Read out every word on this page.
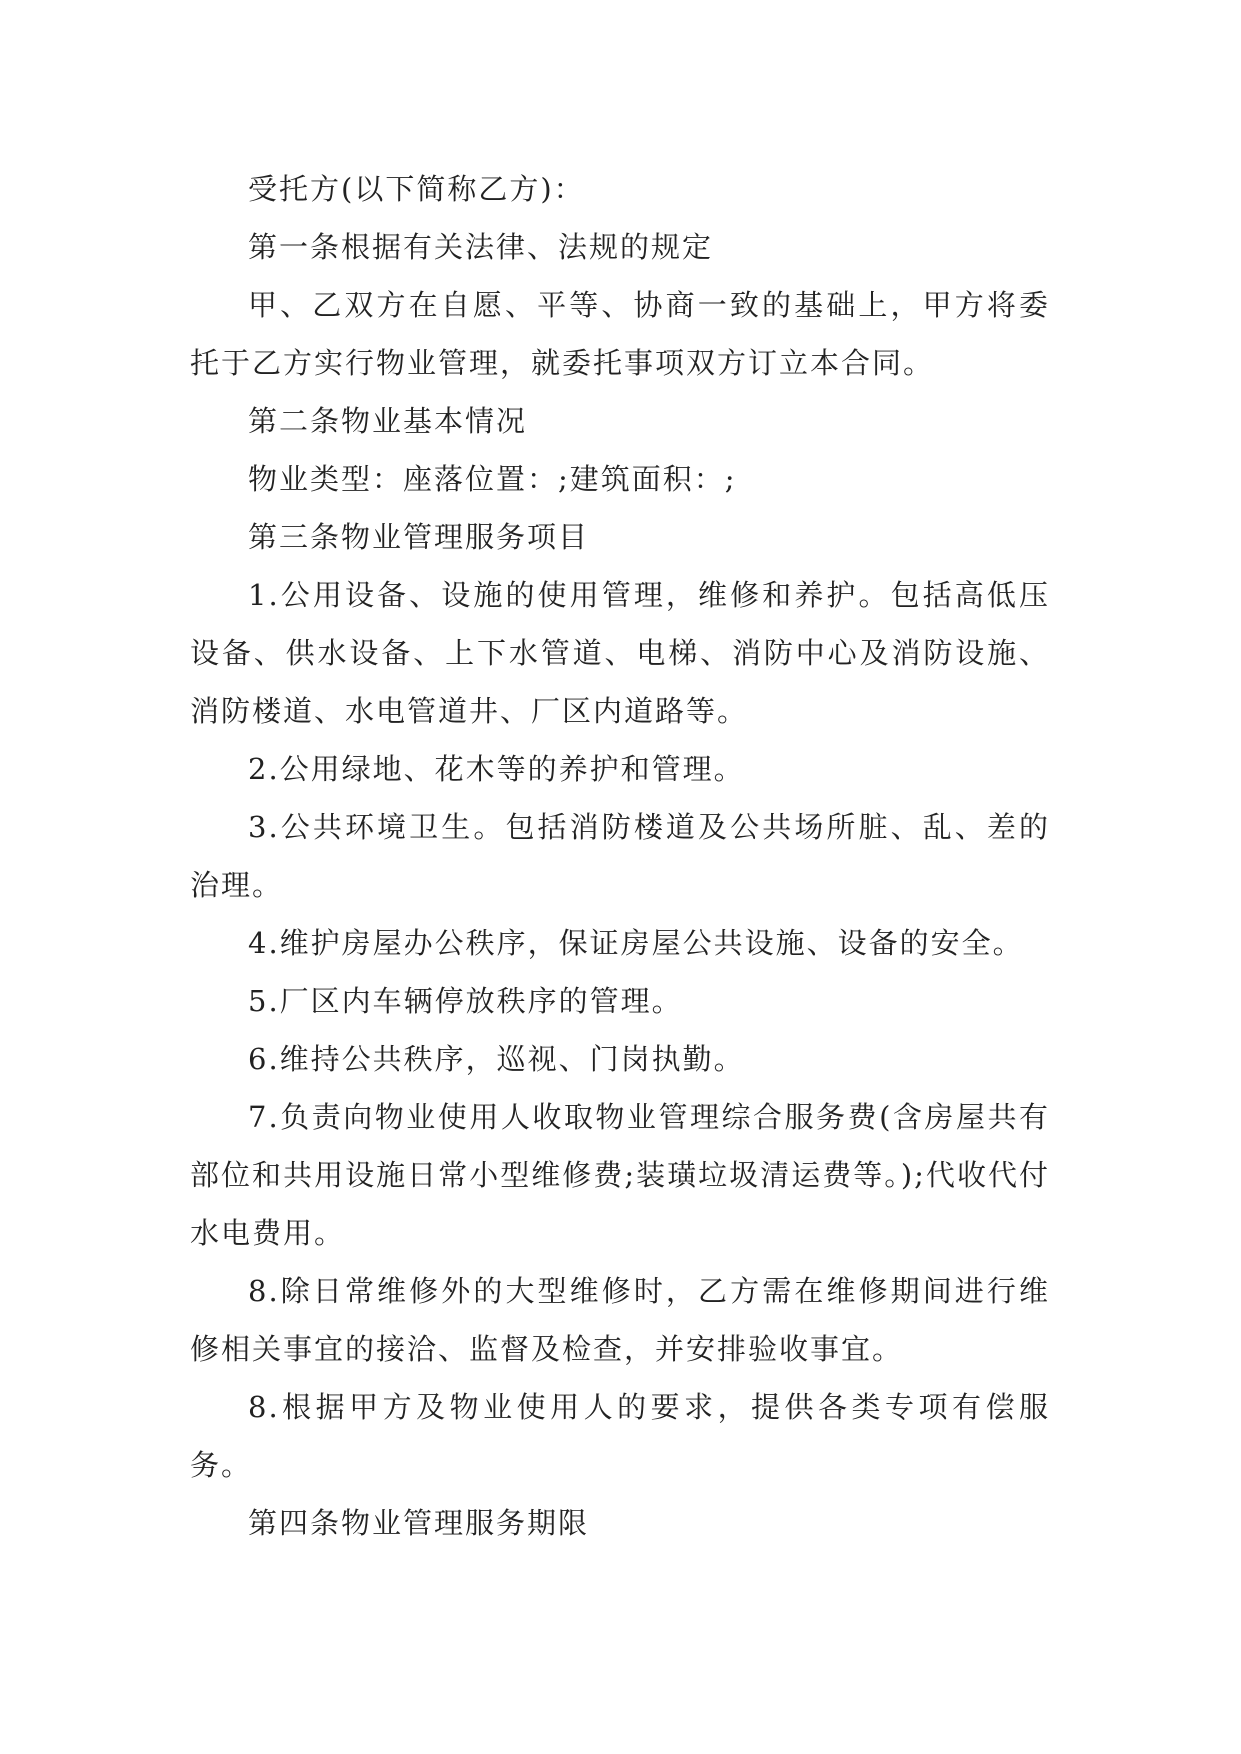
受托方(以下简称乙方)：

第一条根据有关法律、法规的规定

甲、乙双方在自愿、平等、协商一致的基础上，甲方将委托于乙方实行物业管理，就委托事项双方订立本合同。

第二条物业基本情况

物业类型：座落位置：;建筑面积：;

第三条物业管理服务项目

1.公用设备、设施的使用管理，维修和养护。包括高低压设备、供水设备、上下水管道、电梯、消防中心及消防设施、消防楼道、水电管道井、厂区内道路等。

2.公用绿地、花木等的养护和管理。

3.公共环境卫生。包括消防楼道及公共场所脏、乱、差的治理。

4.维护房屋办公秩序，保证房屋公共设施、设备的安全。

5.厂区内车辆停放秩序的管理。

6.维持公共秩序，巡视、门岗执勤。

7.负责向物业使用人收取物业管理综合服务费(含房屋共有部位和共用设施日常小型维修费;装璜垃圾清运费等。);代收代付水电费用。

8.除日常维修外的大型维修时，乙方需在维修期间进行维修相关事宜的接洽、监督及检查，并安排验收事宜。

8.根据甲方及物业使用人的要求，提供各类专项有偿服务。

第四条物业管理服务期限
